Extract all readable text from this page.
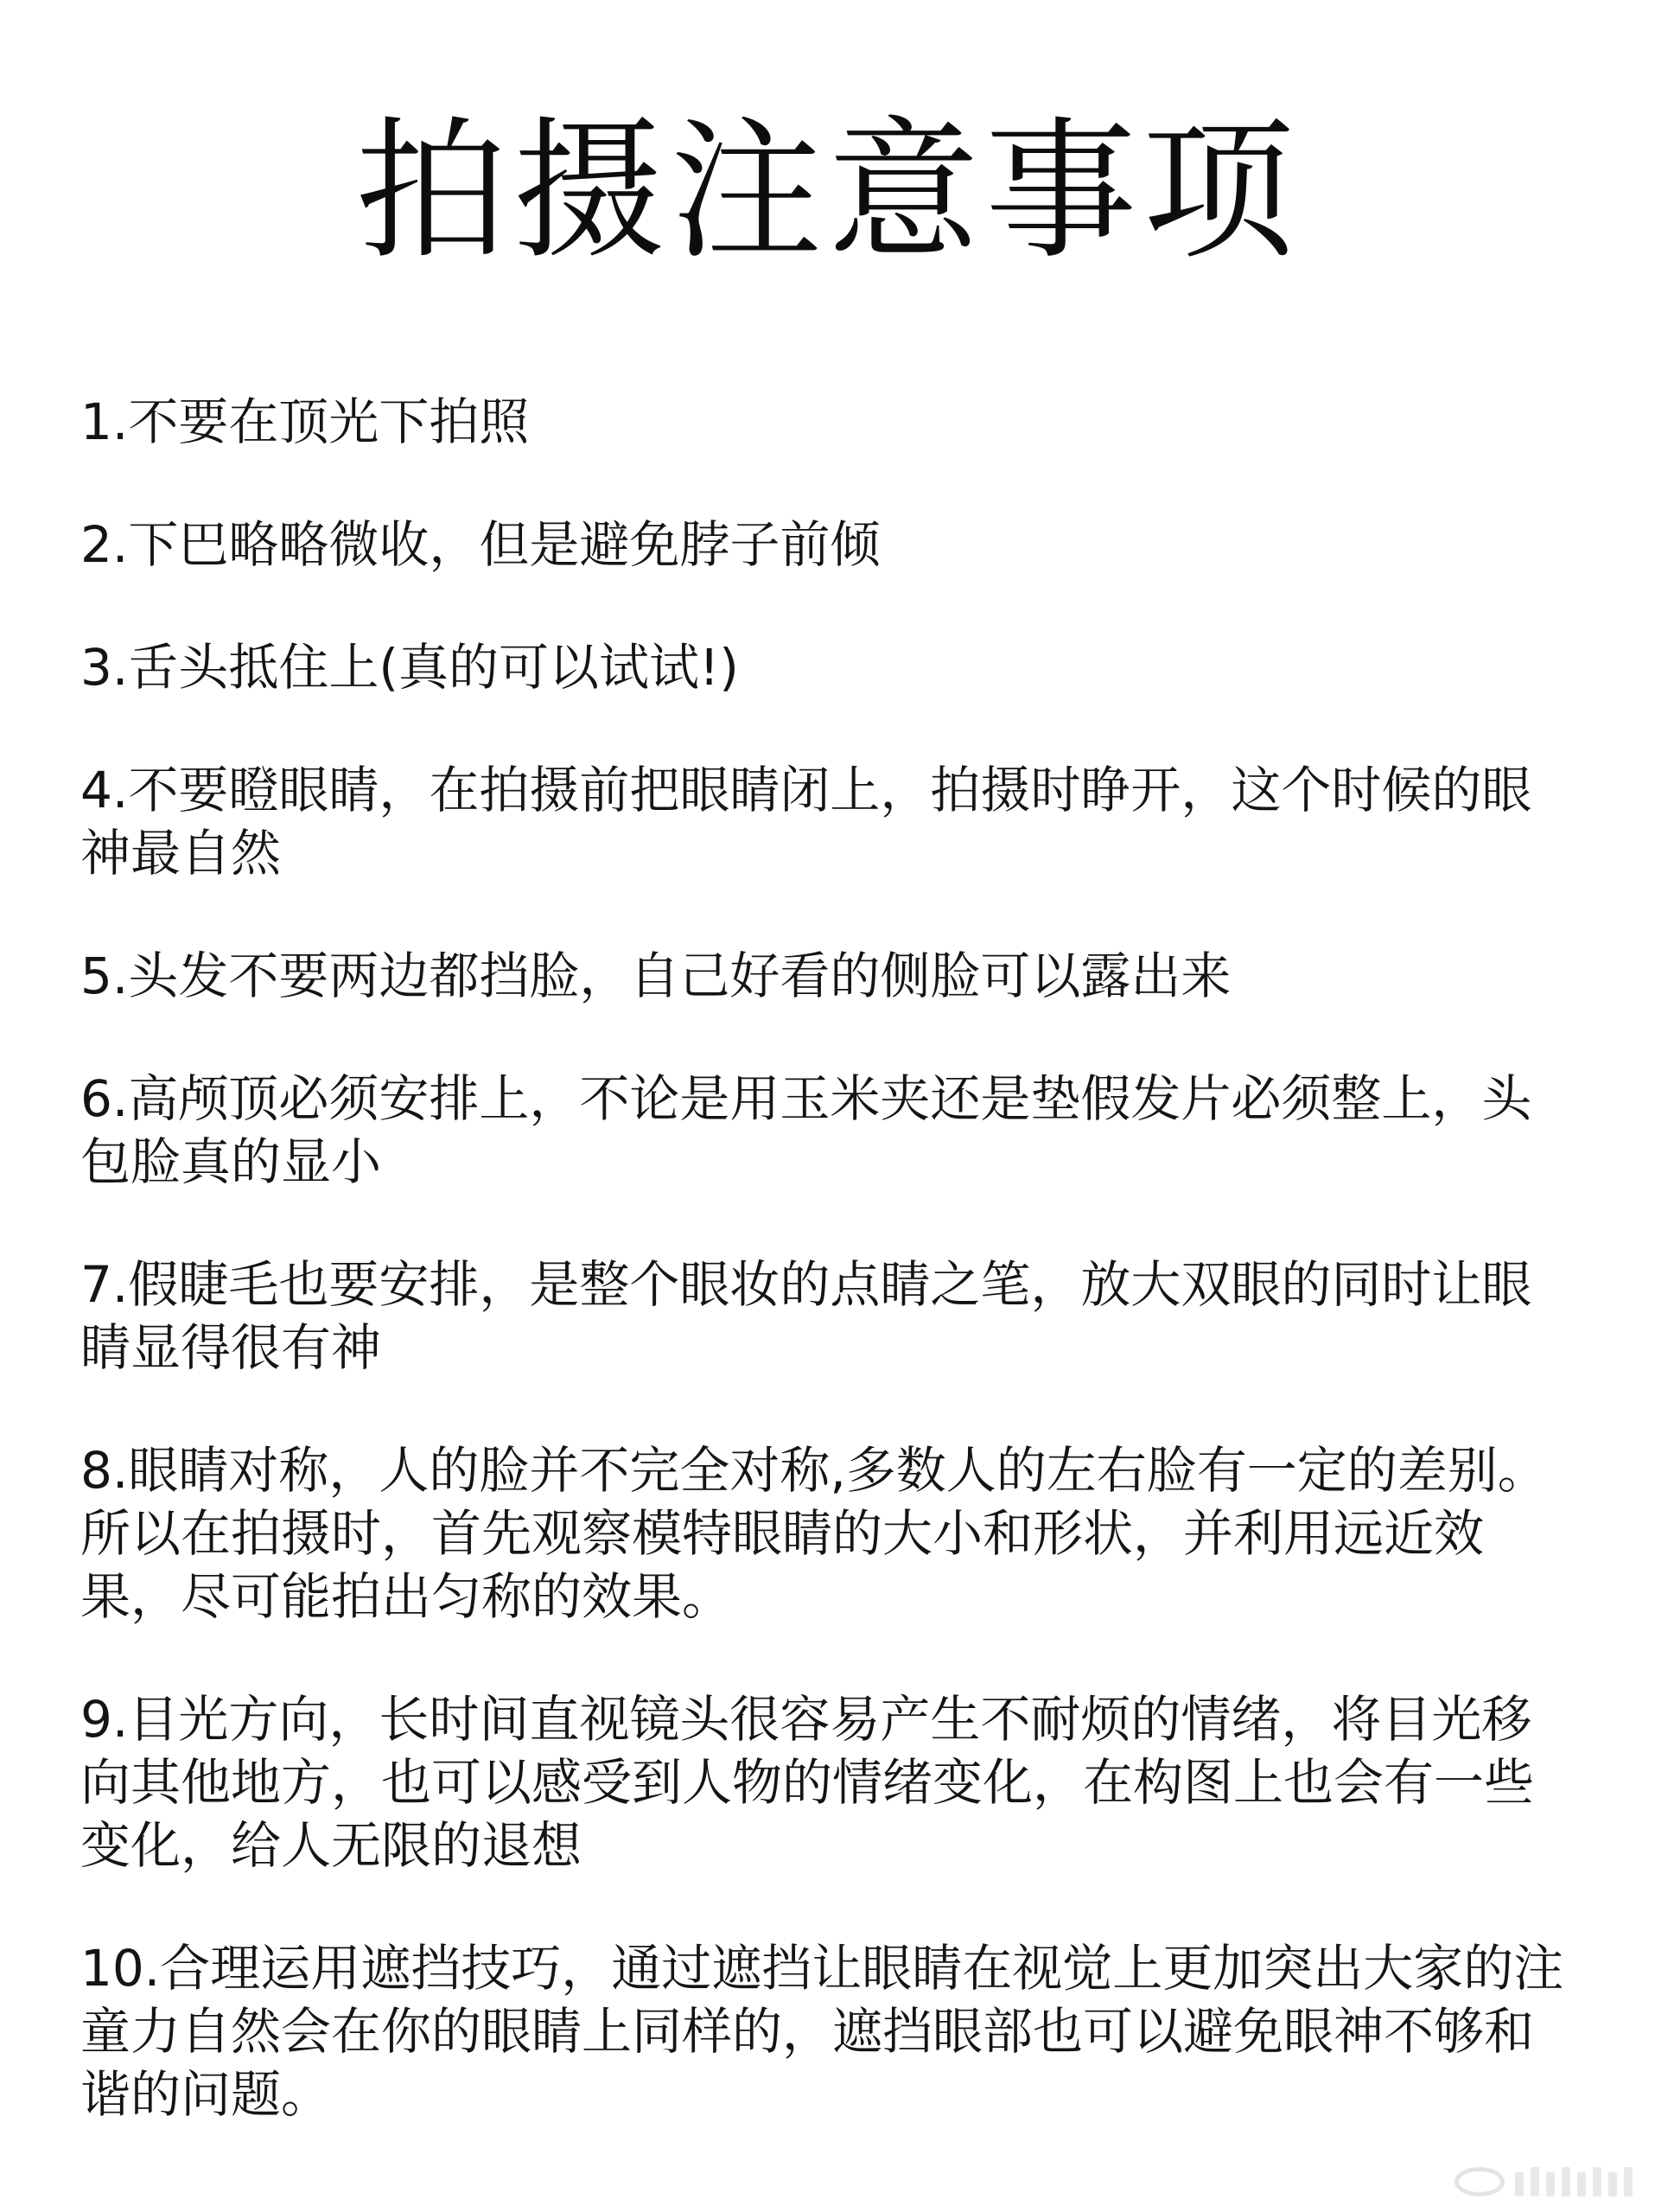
拍摄注意事项
1.不要在顶光下拍照
2.下巴略略微收，但是避免脖子前倾
3.舌头抵住上(真的可以试试!)
4.不要瞪眼睛，在拍摄前把眼睛闭上，拍摄时睁开，这个时候的眼
神最自然
5.头发不要两边都挡脸，自己好看的侧脸可以露出来
6.高颅顶必须安排上，不论是用玉米夹还是垫假发片必须整上，头
包脸真的显小
7.假睫毛也要安排，是整个眼妆的点睛之笔，放大双眼的同时让眼
睛显得很有神
8.眼睛对称，人的脸并不完全对称,多数人的左右脸有一定的差别。
所以在拍摄时，首先观察模特眼睛的大小和形状，并利用远近效
果，尽可能拍出匀称的效果。
9.目光方向，长时间直视镜头很容易产生不耐烦的情绪，将目光移
向其他地方，也可以感受到人物的情绪变化，在构图上也会有一些
变化，给人无限的退想
10.合理运用遮挡技巧，通过遮挡让眼睛在视觉上更加突出大家的注
童力自然会在你的眼睛上同样的，遮挡眼部也可以避免眼神不够和
谐的问题。
